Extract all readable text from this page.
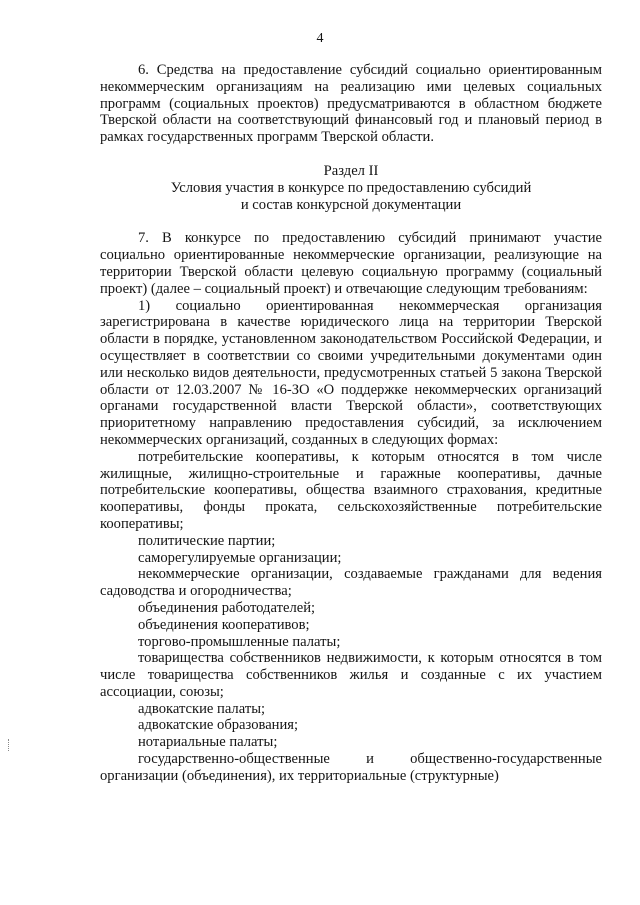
4

6. Средства на предоставление субсидий социально ориентированным некоммерческим организациям на реализацию ими целевых социальных программ (социальных проектов) предусматриваются в областном бюджете Тверской области на соответствующий финансовый год и плановый период в рамках государственных программ Тверской области.

Раздел II

Условия участия в конкурсе по предоставлению субсидий

и состав конкурсной документации

7. В конкурсе по предоставлению субсидий принимают участие социально ориентированные некоммерческие организации, реализующие на территории Тверской области целевую социальную программу (социальный проект) (далее – социальный проект) и отвечающие следующим требованиям:

1) социально ориентированная некоммерческая организация зарегистрирована в качестве юридического лица на территории Тверской области в порядке, установленном законодательством Российской Федерации, и осуществляет в соответствии со своими учредительными документами один или несколько видов деятельности, предусмотренных статьей 5 закона Тверской области от 12.03.2007 № 16-ЗО «О поддержке некоммерческих организаций органами государственной власти Тверской области», соответствующих приоритетному направлению предоставления субсидий, за исключением некоммерческих организаций, созданных в следующих формах:

потребительские кооперативы, к которым относятся в том числе жилищные, жилищно-строительные и гаражные кооперативы, дачные потребительские кооперативы, общества взаимного страхования, кредитные кооперативы, фонды проката, сельскохозяйственные потребительские кооперативы;

политические партии;

саморегулируемые организации;

некоммерческие организации, создаваемые гражданами для ведения садоводства и огородничества;

объединения работодателей;

объединения кооперативов;

торгово-промышленные палаты;

товарищества собственников недвижимости, к которым относятся в том числе товарищества собственников жилья и созданные с их участием ассоциации, союзы;

адвокатские палаты;

адвокатские образования;

нотариальные палаты;

государственно-общественные и общественно-государственные организации (объединения), их территориальные (структурные)
